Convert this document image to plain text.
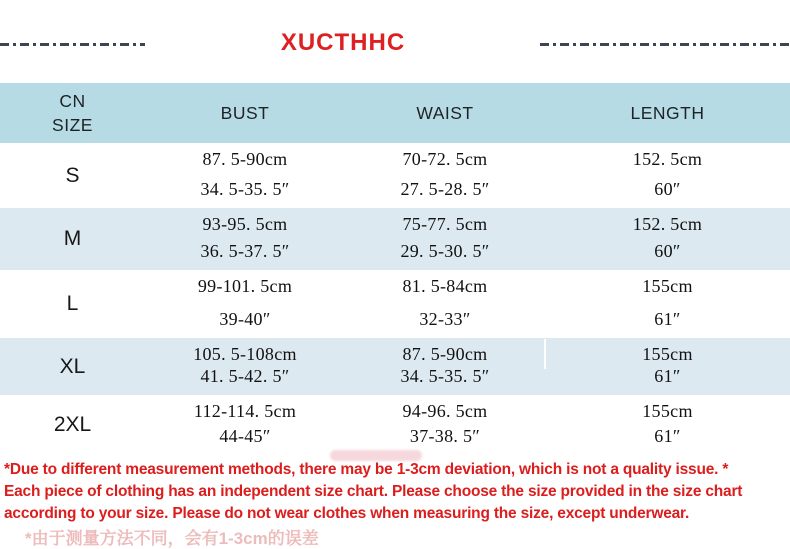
XUCTHHC
CN
SIZE
BUST	WAIST	LENGTH
S
87. 5-90cm
34. 5-35. 5″
70-72. 5cm
27. 5-28. 5″
152. 5cm
60″
M
93-95. 5cm
36. 5-37. 5″
75-77. 5cm
29. 5-30. 5″
152. 5cm
60″
L
99-101. 5cm
39-40″
81. 5-84cm
32-33″
155cm
61″
XL
105. 5-108cm
41. 5-42. 5″
87. 5-90cm
34. 5-35. 5″
155cm
61″
2XL
112-114. 5cm
44-45″
94-96. 5cm
37-38. 5″
155cm
61″
*Due to different measurement methods, there may be 1-3cm deviation, which is not a quality issue. *
Each piece of clothing has an independent size chart. Please choose the size provided in the size chart
according to your size. Please do not wear clothes when measuring the size, except underwear.
*由于测量方法不同，会有1-3cm的误差
